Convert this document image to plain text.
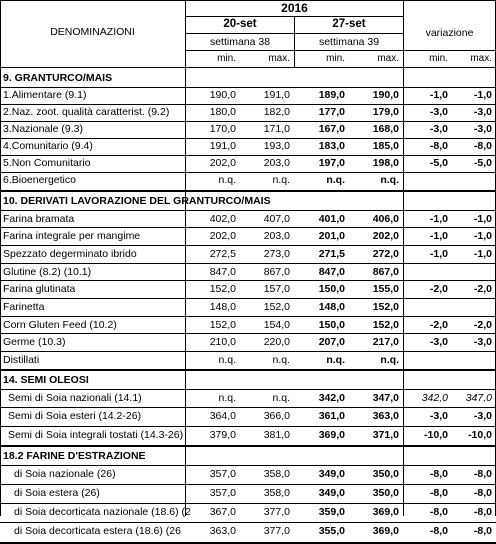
2016
DENOMINAZIONI
20-set	27-set
variazione
settimana 38	settimana 39
min.	max.	min.	max.	min.	max.
9. GRANTURCO/MAIS
1.Alimentare (9.1)	190,0	191,0	189,0	190,0	-1,0	-1,0
2.Naz. zoot. qualità caratterist. (9.2)	180,0	182,0	177,0	179,0	-3,0	-3,0
3.Nazionale (9.3)	170,0	171,0	167,0	168,0	-3,0	-3,0
4.Comunitario (9.4)	191,0	193,0	183,0	185,0	-8,0	-8,0
5.Non Comunitario	202,0	203,0	197,0	198,0	-5,0	-5,0
6.Bioenergetico	n.q.	n.q.	n.q.	n.q.
10. DERIVATI LAVORAZIONE DEL GRANTURCO/MAIS
Farina bramata	402,0	407,0	401,0	406,0	-1,0	-1,0
Farina integrale per mangime	202,0	203,0	201,0	202,0	-1,0	-1,0
Spezzato degerminato ibrido	272,5	273,0	271,5	272,0	-1,0	-1,0
Glutine (8.2) (10.1)	847,0	867,0	847,0	867,0
Farina glutinata	152,0	157,0	150,0	155,0	-2,0	-2,0
Farinetta	148,0	152,0	148,0	152,0
Corn Gluten Feed (10.2)	152,0	154,0	150,0	152,0	-2,0	-2,0
Germe (10.3)	210,0	220,0	207,0	217,0	-3,0	-3,0
Distillati	n.q.	n.q.	n.q.	n.q.
14. SEMI OLEOSI
Semi di Soia nazionali (14.1)	n.q.	n.q.	342,0	347,0	342,0	347,0
Semi di Soia esteri (14.2-26)	364,0	366,0	361,0	363,0	-3,0	-3,0
Semi di Soia integrali tostati (14.3-26)	379,0	381,0	369,0	371,0	-10,0	-10,0
18.2 FARINE D'ESTRAZIONE
di Soia nazionale (26)	357,0	358,0	349,0	350,0	-8,0	-8,0
di Soia estera (26)	357,0	358,0	349,0	350,0	-8,0	-8,0
di Soia decorticata nazionale (18.6) (2	367,0	377,0	359,0	369,0	-8,0	-8,0
di Soia decorticata estera (18.6) (26	363,0	377,0	355,0	369,0	-8,0	-8,0
